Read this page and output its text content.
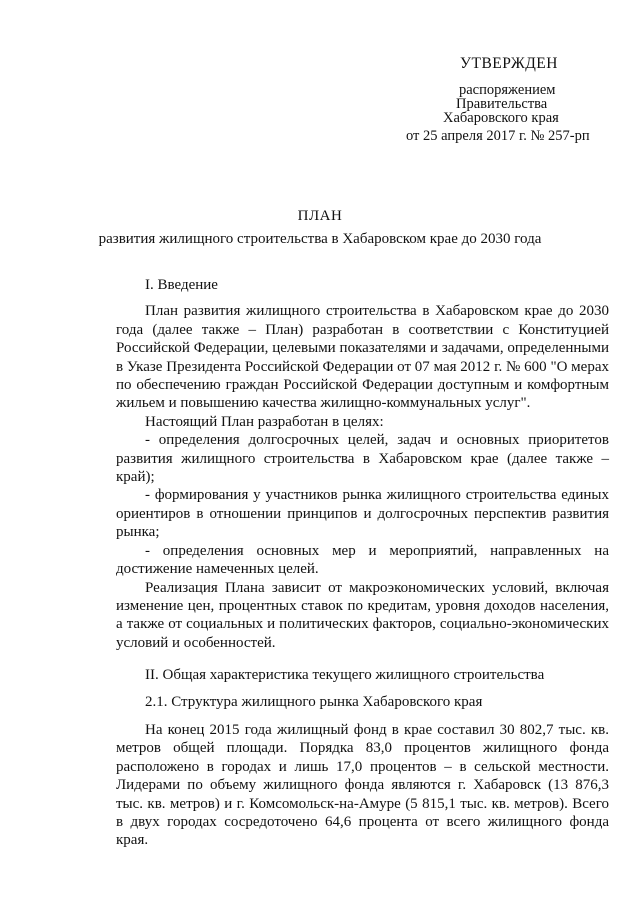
УТВЕРЖДЕН
распоряжением
Правительства
Хабаровского края
от 25 апреля 2017 г. № 257-рп
ПЛАН
развития жилищного строительства в Хабаровском крае до 2030 года
I. Введение

План развития жилищного строительства в Хабаровском крае до 2030 года (далее также – План) разработан в соответствии с Конституцией Российской Федерации, целевыми показателями и задачами, определенными в Указе Президента Российской Федерации от 07 мая 2012 г. № 600 "О мерах по обеспечению граждан Российской Федерации доступным и комфортным жильем и повышению качества жилищно-коммунальных услуг".

Настоящий План разработан в целях:

- определения долгосрочных целей, задач и основных приоритетов развития жилищного строительства в Хабаровском крае (далее также – край);

- формирования у участников рынка жилищного строительства единых ориентиров в отношении принципов и долгосрочных перспектив развития рынка;

- определения основных мер и мероприятий, направленных на достижение намеченных целей.

Реализация Плана зависит от макроэкономических условий, включая изменение цен, процентных ставок по кредитам, уровня доходов населения, а также от социальных и политических факторов, социально-экономических условий и особенностей.

II. Общая характеристика текущего жилищного строительства
2.1. Структура жилищного рынка Хабаровского края

На конец 2015 года жилищный фонд в крае составил 30 802,7 тыс. кв. метров общей площади. Порядка 83,0 процентов жилищного фонда расположено в городах и лишь 17,0 процентов – в сельской местности. Лидерами по объему жилищного фонда являются г. Хабаровск (13 876,3 тыс. кв. метров) и г. Комсомольск-на-Амуре (5 815,1 тыс. кв. метров). Всего в двух городах сосредоточено 64,6 процента от всего жилищного фонда края.
